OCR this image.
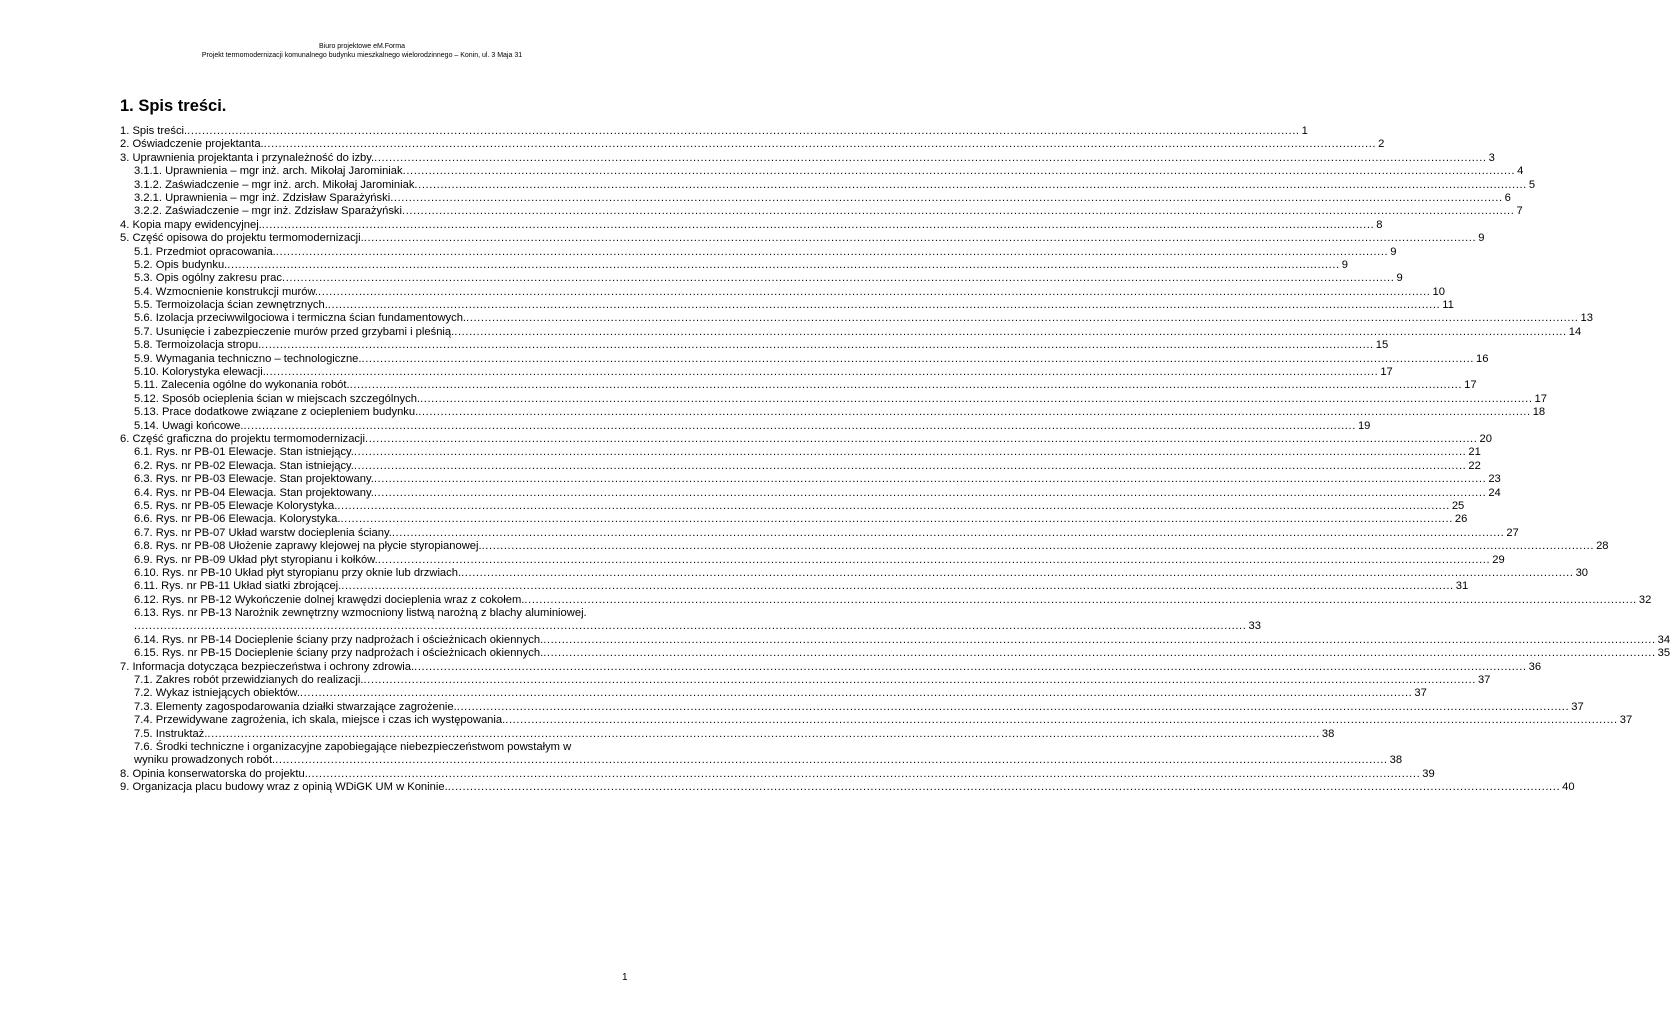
Biuro projektowe eM.Forma
Projekt termomodernizacji komunalnego budynku mieszkalnego wielorodzinnego – Konin, ul. 3 Maja 31
1. Spis treści.
1. Spis treści. ............................................................................................................................................................................................................................................................................................................ 1
2. Oświadczenie projektanta. ............................................................................................................................................................................................................................................................................................................ 2
3. Uprawnienia projektanta i przynależność do izby. ............................................................................................................................................................................................................................................................................................................ 3
3.1.1. Uprawnienia – mgr inż. arch. Mikołaj Jarominiak ............................................................................................................................................................................................................................................................................................................ 4
3.1.2. Zaświadczenie – mgr inż. arch. Mikołaj Jarominiak ............................................................................................................................................................................................................................................................................................................ 5
3.2.1. Uprawnienia – mgr inż. Zdzisław Sparażyński ............................................................................................................................................................................................................................................................................................................ 6
3.2.2. Zaświadczenie – mgr inż. Zdzisław Sparażyński ............................................................................................................................................................................................................................................................................................................ 7
4. Kopia mapy ewidencyjnej. ............................................................................................................................................................................................................................................................................................................ 8
5. Część opisowa do projektu termomodernizacji. ............................................................................................................................................................................................................................................................................................................ 9
5.1. Przedmiot opracowania. ............................................................................................................................................................................................................................................................................................................ 9
5.2. Opis budynku. ............................................................................................................................................................................................................................................................................................................ 9
5.3. Opis ogólny zakresu prac ............................................................................................................................................................................................................................................................................................................ 9
5.4. Wzmocnienie konstrukcji murów. ............................................................................................................................................................................................................................................................................................................ 10
5.5. Termoizolacja ścian zewnętrznych. ............................................................................................................................................................................................................................................................................................................ 11
5.6. Izolacja przeciwwilgociowa i termiczna ścian fundamentowych. ............................................................................................................................................................................................................................................................................................................ 13
5.7. Usunięcie i zabezpieczenie murów przed grzybami i pleśnią. ............................................................................................................................................................................................................................................................................................................ 14
5.8. Termoizolacja stropu. ............................................................................................................................................................................................................................................................................................................ 15
5.9. Wymagania techniczno – technologiczne. ............................................................................................................................................................................................................................................................................................................ 16
5.10. Kolorystyka elewacji. ............................................................................................................................................................................................................................................................................................................ 17
5.11. Zalecenia ogólne do wykonania robót. ............................................................................................................................................................................................................................................................................................................ 17
5.12. Sposób ocieplenia ścian w miejscach szczególnych. ............................................................................................................................................................................................................................................................................................................ 17
5.13. Prace dodatkowe związane z ociepleniem budynku. ............................................................................................................................................................................................................................................................................................................ 18
5.14. Uwagi końcowe. ............................................................................................................................................................................................................................................................................................................ 19
6. Część graficzna do projektu termomodernizacji ............................................................................................................................................................................................................................................................................................................ 20
6.1. Rys. nr PB-01 Elewacje. Stan istniejący. ............................................................................................................................................................................................................................................................................................................ 21
6.2. Rys. nr PB-02 Elewacja. Stan istniejący. ............................................................................................................................................................................................................................................................................................................ 22
6.3. Rys. nr PB-03 Elewacje. Stan projektowany. ............................................................................................................................................................................................................................................................................................................ 23
6.4. Rys. nr PB-04 Elewacja. Stan projektowany. ............................................................................................................................................................................................................................................................................................................ 24
6.5. Rys. nr PB-05 Elewacje Kolorystyka. ............................................................................................................................................................................................................................................................................................................ 25
6.6. Rys. nr PB-06 Elewacja. Kolorystyka. ............................................................................................................................................................................................................................................................................................................ 26
6.7. Rys. nr PB-07 Układ warstw docieplenia ściany. ............................................................................................................................................................................................................................................................................................................ 27
6.8. Rys. nr PB-08 Ułożenie zaprawy klejowej na płycie styropianowej. ............................................................................................................................................................................................................................................................................................................ 28
6.9. Rys. nr PB-09 Układ płyt styropianu i kołków. ............................................................................................................................................................................................................................................................................................................ 29
6.10. Rys. nr PB-10 Układ płyt styropianu przy oknie lub drzwiach. ............................................................................................................................................................................................................................................................................................................ 30
6.11. Rys. nr PB-11 Układ siatki zbrojącej. ............................................................................................................................................................................................................................................................................................................ 31
6.12. Rys. nr PB-12 Wykończenie dolnej krawędzi docieplenia wraz z cokołem. ............................................................................................................................................................................................................................................................................................................ 32
6.13. Rys. nr PB-13 Narożnik zewnętrzny wzmocniony listwą narożną z blachy aluminiowej.
............................................................................................................................................................................................................................................................................................................ 33
6.14. Rys. nr PB-14 Docieplenie ściany przy nadprożach i ościeżnicach okiennych. ............................................................................................................................................................................................................................................................................................................ 34
6.15. Rys. nr PB-15 Docieplenie ściany przy nadprożach i ościeżnicach okiennych. ............................................................................................................................................................................................................................................................................................................ 35
7. Informacja dotycząca bezpieczeństwa i ochrony zdrowia. ............................................................................................................................................................................................................................................................................................................ 36
7.1. Zakres robót przewidzianych do realizacji. ............................................................................................................................................................................................................................................................................................................ 37
7.2. Wykaz istniejących obiektów. ............................................................................................................................................................................................................................................................................................................ 37
7.3. Elementy zagospodarowania działki stwarzające zagrożenie. ............................................................................................................................................................................................................................................................................................................ 37
7.4. Przewidywane zagrożenia, ich skala, miejsce i czas ich występowania. ............................................................................................................................................................................................................................................................................................................ 37
7.5. Instruktaż. ............................................................................................................................................................................................................................................................................................................ 38
7.6. Środki techniczne i organizacyjne zapobiegające niebezpieczeństwom powstałym w
wyniku prowadzonych robót. ............................................................................................................................................................................................................................................................................................................ 38
8. Opinia konserwatorska do projektu. ............................................................................................................................................................................................................................................................................................................ 39
9. Organizacja placu budowy wraz z opinią WDiGK UM w Koninie. ............................................................................................................................................................................................................................................................................................................ 40
1
